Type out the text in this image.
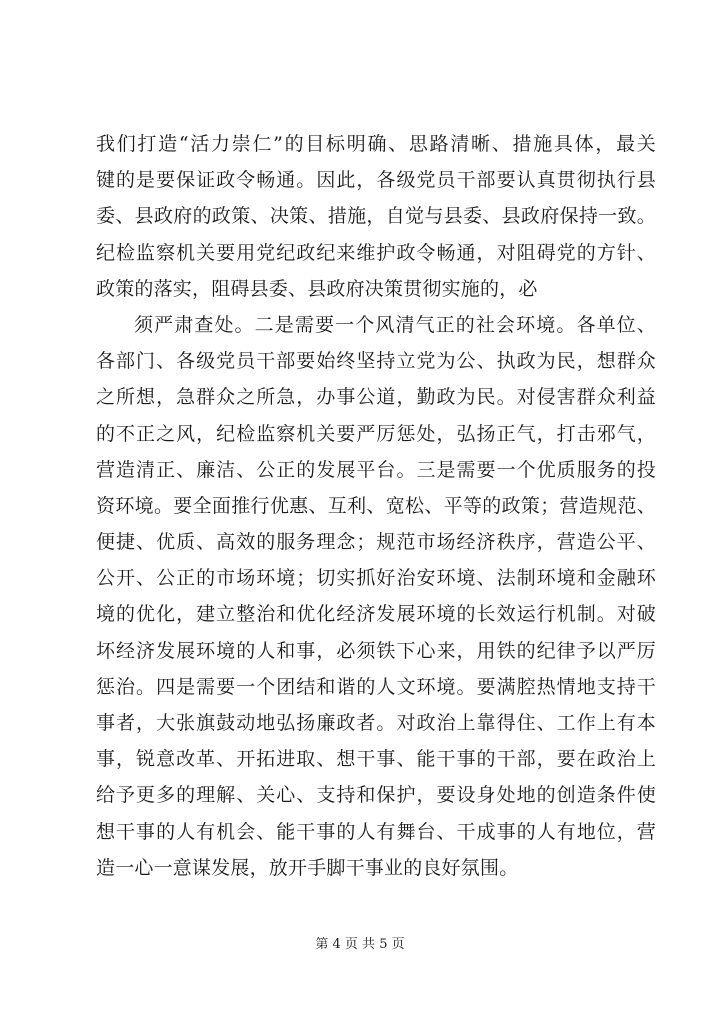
我们打造“活力崇仁”的目标明确、思路清晰、措施具体，最关
键的是要保证政令畅通。因此，各级党员干部要认真贯彻执行县
委、县政府的政策、决策、措施，自觉与县委、县政府保持一致。
纪检监察机关要用党纪政纪来维护政令畅通，对阻碍党的方针、
政策的落实，阻碍县委、县政府决策贯彻实施的，必
须严肃查处。二是需要一个风清气正的社会环境。各单位、
各部门、各级党员干部要始终坚持立党为公、执政为民，想群众
之所想，急群众之所急，办事公道，勤政为民。对侵害群众利益
的不正之风，纪检监察机关要严厉惩处，弘扬正气，打击邪气，
营造清正、廉洁、公正的发展平台。三是需要一个优质服务的投
资环境。要全面推行优惠、互利、宽松、平等的政策；营造规范、
便捷、优质、高效的服务理念；规范市场经济秩序，营造公平、
公开、公正的市场环境；切实抓好治安环境、法制环境和金融环
境的优化，建立整治和优化经济发展环境的长效运行机制。对破
坏经济发展环境的人和事，必须铁下心来，用铁的纪律予以严厉
惩治。四是需要一个团结和谐的人文环境。要满腔热情地支持干
事者，大张旗鼓动地弘扬廉政者。对政治上靠得住、工作上有本
事，锐意改革、开拓进取、想干事、能干事的干部，要在政治上
给予更多的理解、关心、支持和保护，要设身处地的创造条件使
想干事的人有机会、能干事的人有舞台、干成事的人有地位，营
造一心一意谋发展，放开手脚干事业的良好氛围。
第 4 页 共 5 页
